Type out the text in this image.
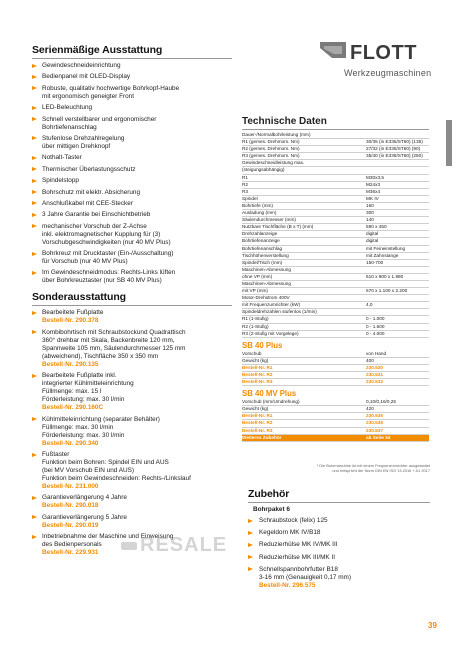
FLOTT
Werkzeugmaschinen
Serienmäßige Ausstattung
Gewindeschneideinrichtung
Bedienpanel mit OLED-Display
Robuste, qualitativ hochwertige Bohrkopf-Haube
mit ergonomisch geneigter Front
LED-Beleuchtung
Schnell verstellbarer und ergonomischer
Bohrtiefenanschlag
Stufenlose Drehzahlregelung
über mittigen Drehknopf
Nothalt-Taster
Thermischer Überlastungsschutz
Spindelstopp
Bohrschutz mit elektr. Absicherung
Anschlußkabel mit CEE-Stecker
3 Jahre Garantie bei Einschichtbetrieb
mechanischer Vorschub der Z-Achse
inkl. elektromagnetischer Kupplung für (3)
Vorschubgeschwindigkeiten (nur 40 MV Plus)
Bohrkreuz mit Drucktaster (Ein-/Ausschaltung)
für Vorschub (nur 40 MV Plus)
Im Gewindeschneidmodus: Rechts-Links lüften
über Bohrkreuztaster (nur SB 40 MV Plus)
Sonderausstattung
Bearbeitete Fußplatte
Bestell-Nr. 290.378
Kombibohrtisch mit Schraubstockund Quadrattisch
360° drehbar mit Skala, Backenbreite 120 mm,
Spannweite 105 mm, Säulendurchmesser 125 mm
(abweichend), Tischfläche 350 x 350 mm
Bestell-Nr. 290.135
Bearbeitete Fußplatte inkl.
integrierter Kühlmitteleinrichtung
Füllmenge: max. 15 l
Förderleistung: max. 30 l/min
Bestell-Nr. 290.160C
Kühlmitteleinrichtung (separater Behälter)
Füllmenge: max. 30 l/min
Förderleistung: max. 30 l/min
Bestell-Nr. 290.340
Fußtaster
Funktion beim Bohren: Spindel EIN und AUS
(bei MV Vorschub EIN und AUS)
Funktion beim Gewindeschneiden: Rechts-/Linkslauf
Bestell-Nr. 231.000
Garantieverlängerung 4 Jahre
Bestell-Nr. 290.018
Garantieverlängerung 5 Jahre
Bestell-Nr. 290.019
Inbetriebnahme der Maschine und Einweisung
des Bedienpersonals
Bestell-Nr. 229.931
Technische Daten
Dauer-/Normalbohrleistung (mm)
R1 (gemes. Drehmom. Nm)	30/35 (in E335/ST60) (135)
R2 (gemes. Drehmom. Nm)	27/32 (in E335/ST60) (90)
R3 (gemes. Drehmom. Nm)	35/40 (in E335/ST60) (260)
Gewindeschneidleistung max.
(steigungsabhängig)
R1	M30x3,5
R2	M24x3
R3	M36x4
Spindel	MK IV
Bohrtiefe (mm)	160
Ausladung (mm)	300
Säulendurchmesser (mm)	140
Nutzbare Tischfläche (B x T) (mm)	590 x 450
Drehzahlanzeige	digital
Bohrtiefenanzeige	digital
Bohrtiefenanschlag	mit Feineinstellung
Tischhöhenverstellung	mit Zahnstange
Spindel/Tisch (mm)	150-700
Maschinen-Abmessung
ohne VP (mm)	610 x 900 x 1.980
Maschinen-Abmessung
mit VP (mm)	670 x 1.100 x 2.200
Motor-Drehstrom 400V
mit Frequenzumrichter (kW)	4,0
Spindeldrehzahlen stufenlos (1/min)
R1 (1-Stufig)	0 - 1.000
R2 (1-Stufig)	0 - 1.600
R3 (2-Stufig mit Vorgelege)	0 - 4.000
SB 40 Plus
Vorschub	von Hand
Gewicht (kg)	400
Bestell-Nr. R1	230.530
Bestell-Nr. R2	230.531
Bestell-Nr. R3	230.532
SB 40 MV Plus
Vorschub (mm/Umdrehung)	0,10/0,16/0,25
Gewicht (kg)	420
Bestell-Nr. R1	230.535
Bestell-Nr. R2	230.536
Bestell-Nr. R3	230.537
Weiteres Zubehör	ab Seite 64
* Die Bohrmaschine ist mit einem Frequenzumrichter ausgestattet
und entspricht der Norm DIN EN ISO 13.2016 + A1 2017
Zubehör
Bohrpaket 6
Schraubstock (felix) 125
Kegeldorn MK IV/B18
Reduzierhülse MK IV/MK III
Reduzierhülse MK III/MK II
Schnellspannbohrfutter B18
3-16 mm (Genauigkeit 0,17 mm)
Bestell-Nr. 296.575
RESALE
39
